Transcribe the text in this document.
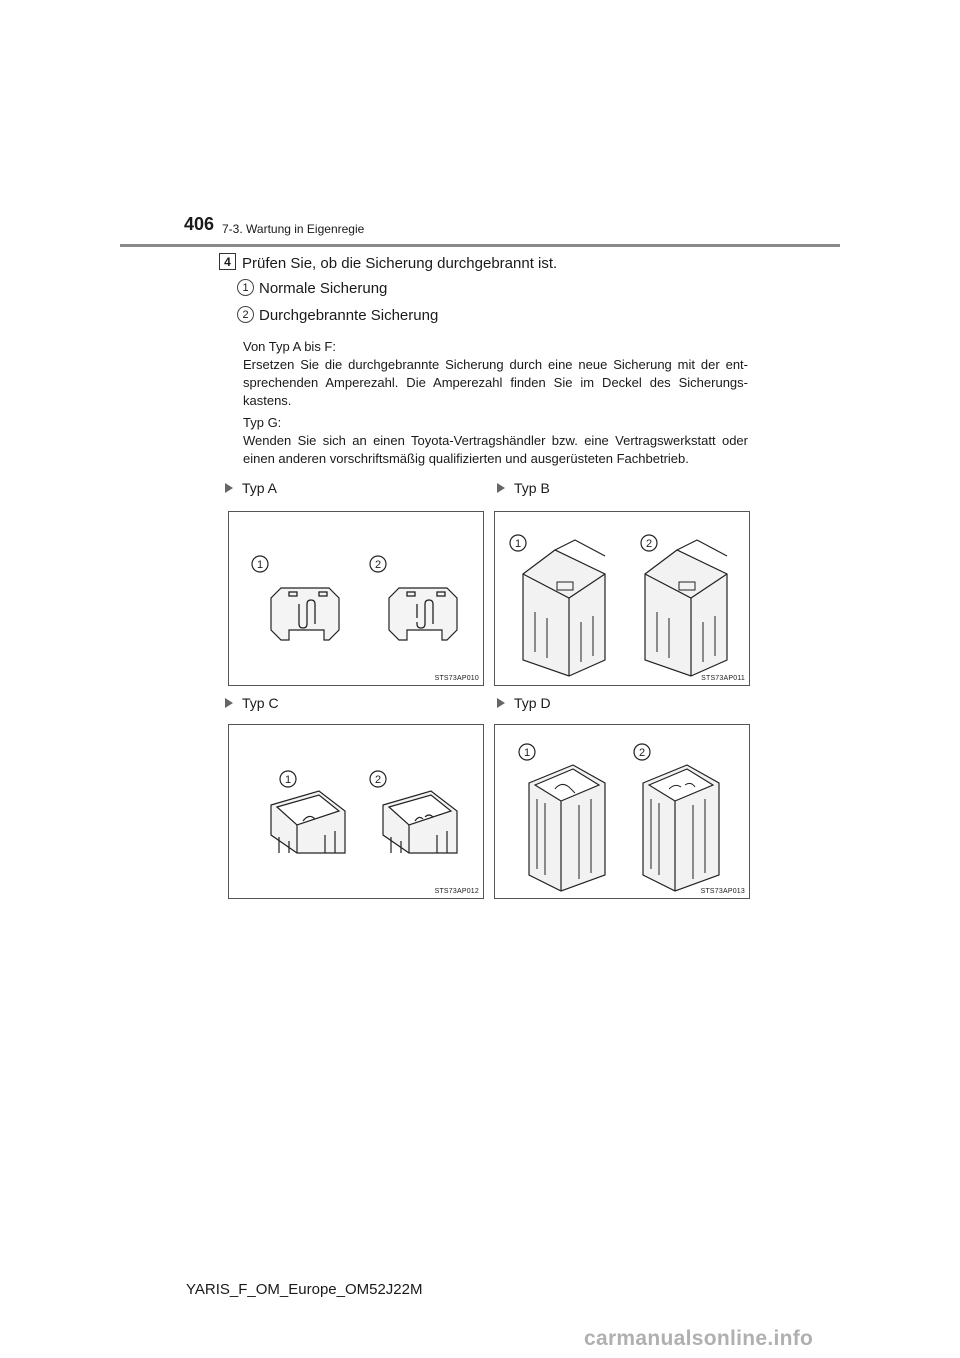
406 7-3. Wartung in Eigenregie
4 Prüfen Sie, ob die Sicherung durchgebrannt ist.
1 Normale Sicherung
2 Durchgebrannte Sicherung
Von Typ A bis F:
Ersetzen Sie die durchgebrannte Sicherung durch eine neue Sicherung mit der ent-sprechenden Amperezahl. Die Amperezahl finden Sie im Deckel des Sicherungs-kastens.
Typ G:
Wenden Sie sich an einen Toyota-Vertragshändler bzw. eine Vertragswerkstatt oder einen anderen vorschriftsmäßig qualifizierten und ausgerüsteten Fachbetrieb.
Typ A	Typ B
Typ C	Typ D
1	2
STS73AP010
1	2
STS73AP011
1	2
STS73AP012
1	2
STS73AP013
YARIS_F_OM_Europe_OM52J22M
carmanualsonline.info
